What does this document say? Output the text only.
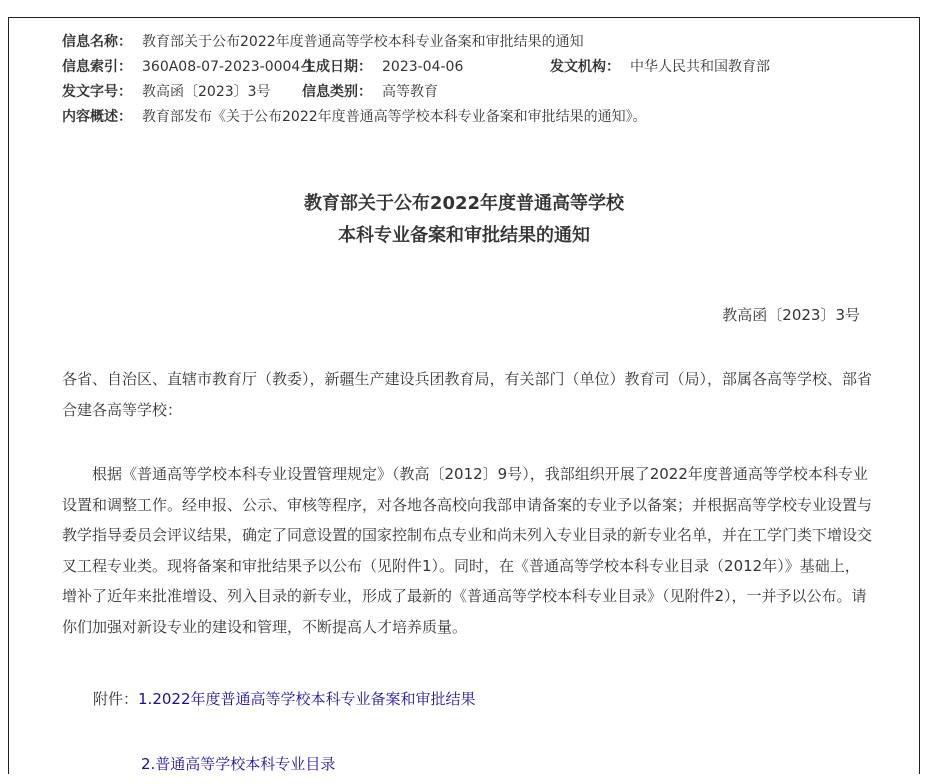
信息名称： 教育部关于公布2022年度普通高等学校本科专业备案和审批结果的通知
信息索引： 360A08-07-2023-0004-1
生成日期： 2023-04-06	发文机构： 中华人民共和国教育部
发文字号： 教高函〔2023〕3号 信息类别： 高等教育
内容概述： 教育部发布《关于公布2022年度普通高等学校本科专业备案和审批结果的通知》。
教育部关于公布2022年度普通高等学校
本科专业备案和审批结果的通知
教高函〔2023〕3号
各省、自治区、直辖市教育厅（教委），新疆生产建设兵团教育局，有关部门（单位）教育司（局），部属各高等学校、部省合建各高等学校：
根据《普通高等学校本科专业设置管理规定》（教高〔2012〕9号），我部组织开展了2022年度普通高等学校本科专业设置和调整工作。经申报、公示、审核等程序，对各地各高校向我部申请备案的专业予以备案；并根据高等学校专业设置与教学指导委员会评议结果，确定了同意设置的国家控制布点专业和尚未列入专业目录的新专业名单，并在工学门类下增设交叉工程专业类。现将备案和审批结果予以公布（见附件1）。同时，在《普通高等学校本科专业目录（2012年）》基础上，增补了近年来批准增设、列入目录的新专业，形成了最新的《普通高等学校本科专业目录》（见附件2），一并予以公布。请你们加强对新设专业的建设和管理，不断提高人才培养质量。
附件：1.2022年度普通高等学校本科专业备案和审批结果
2.普通高等学校本科专业目录
